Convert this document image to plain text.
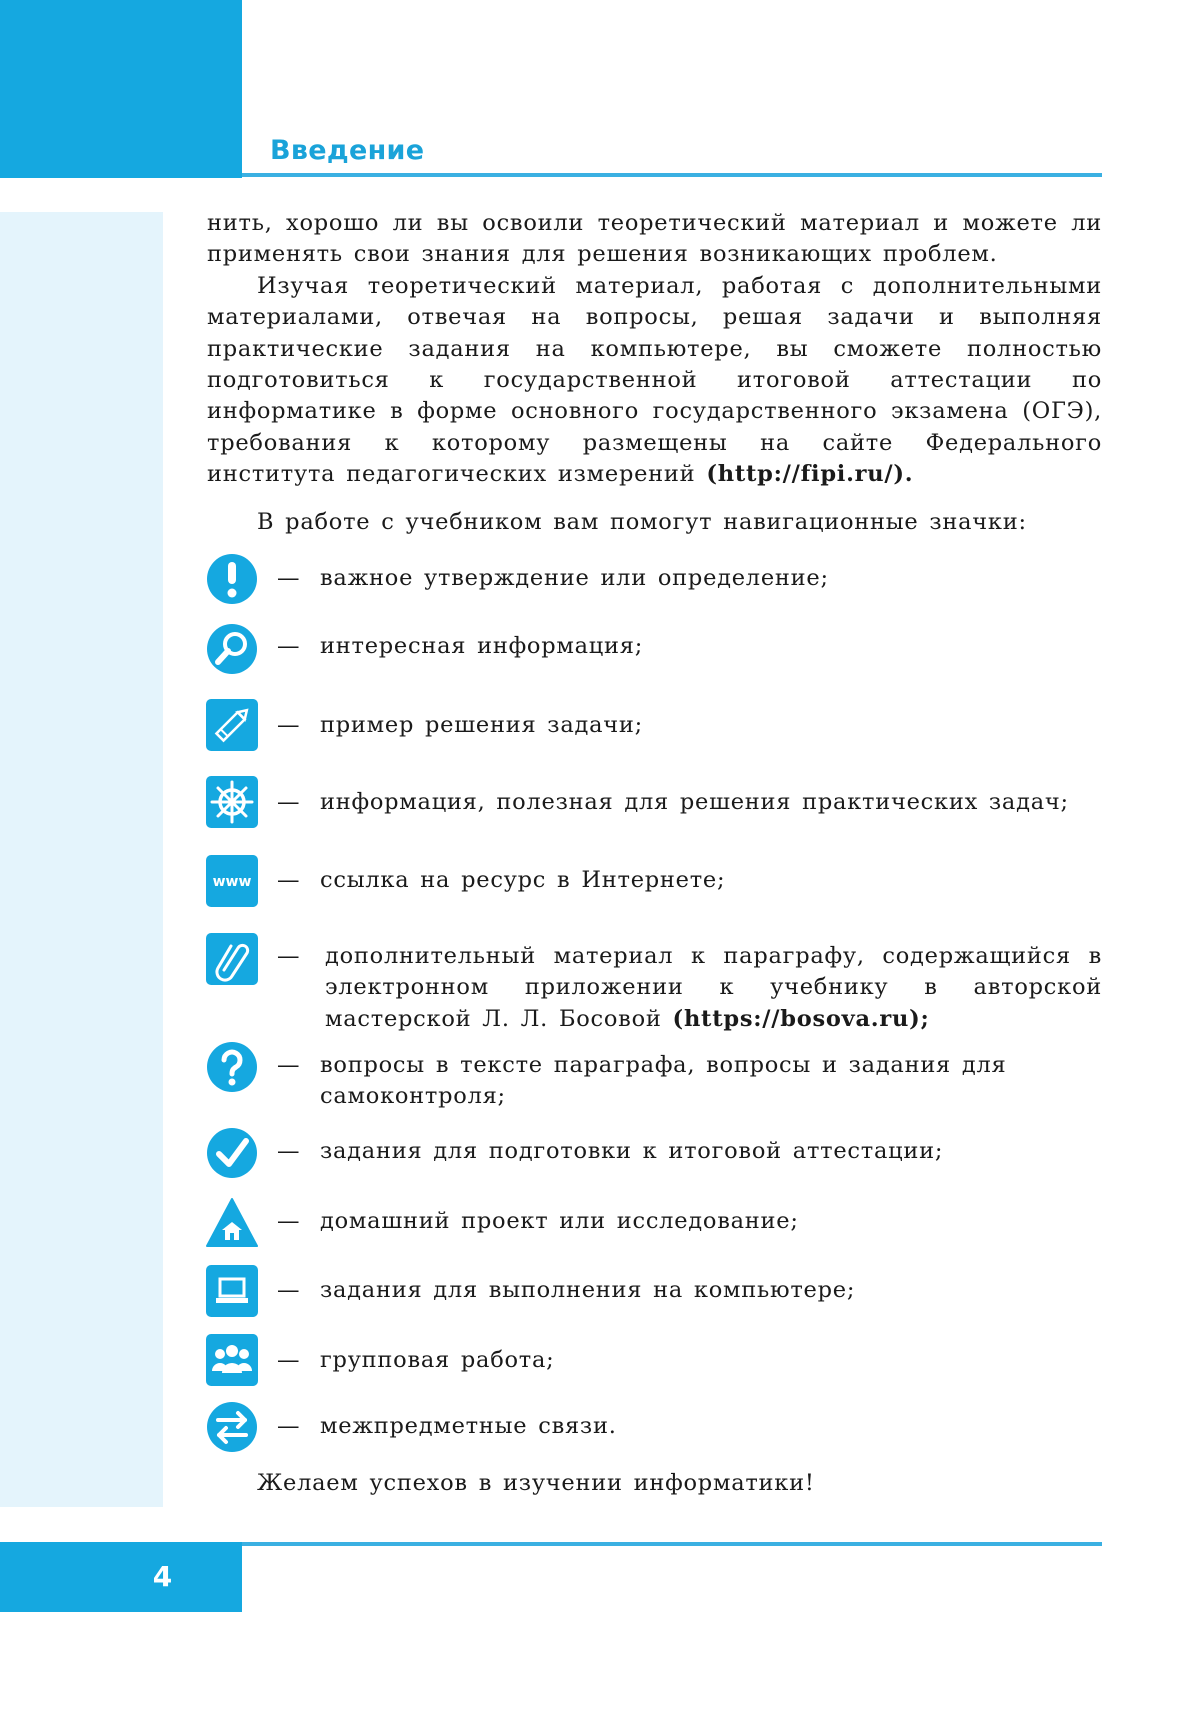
Введение

нить, хорошо ли вы освоили теоретический материал и можете ли применять свои знания для решения возникающих проблем.

Изучая теоретический материал, работая с дополнительными материалами, отвечая на вопросы, решая задачи и выполняя практические задания на компьютере, вы сможете полностью подготовиться к государственной итоговой аттестации по информатике в форме основного государственного экзамена (ОГЭ), требования к которому размещены на сайте Федерального института педагогических измерений (http://fipi.ru/).

В работе с учебником вам помогут навигационные значки:
— важное утверждение или определение;
— интересная информация;
— пример решения задачи;
— информация, полезная для решения практических задач;
www — ссылка на ресурс в Интернете;
— дополнительный материал к параграфу, содержащийся в электронном приложении к учебнику в авторской мастерской Л. Л. Босовой (https://bosova.ru);
— вопросы в тексте параграфа, вопросы и задания для самоконтроля;
— задания для подготовки к итоговой аттестации;
— домашний проект или исследование;
— задания для выполнения на компьютере;
— групповая работа;
— межпредметные связи.
Желаем успехов в изучении информатики!
4
